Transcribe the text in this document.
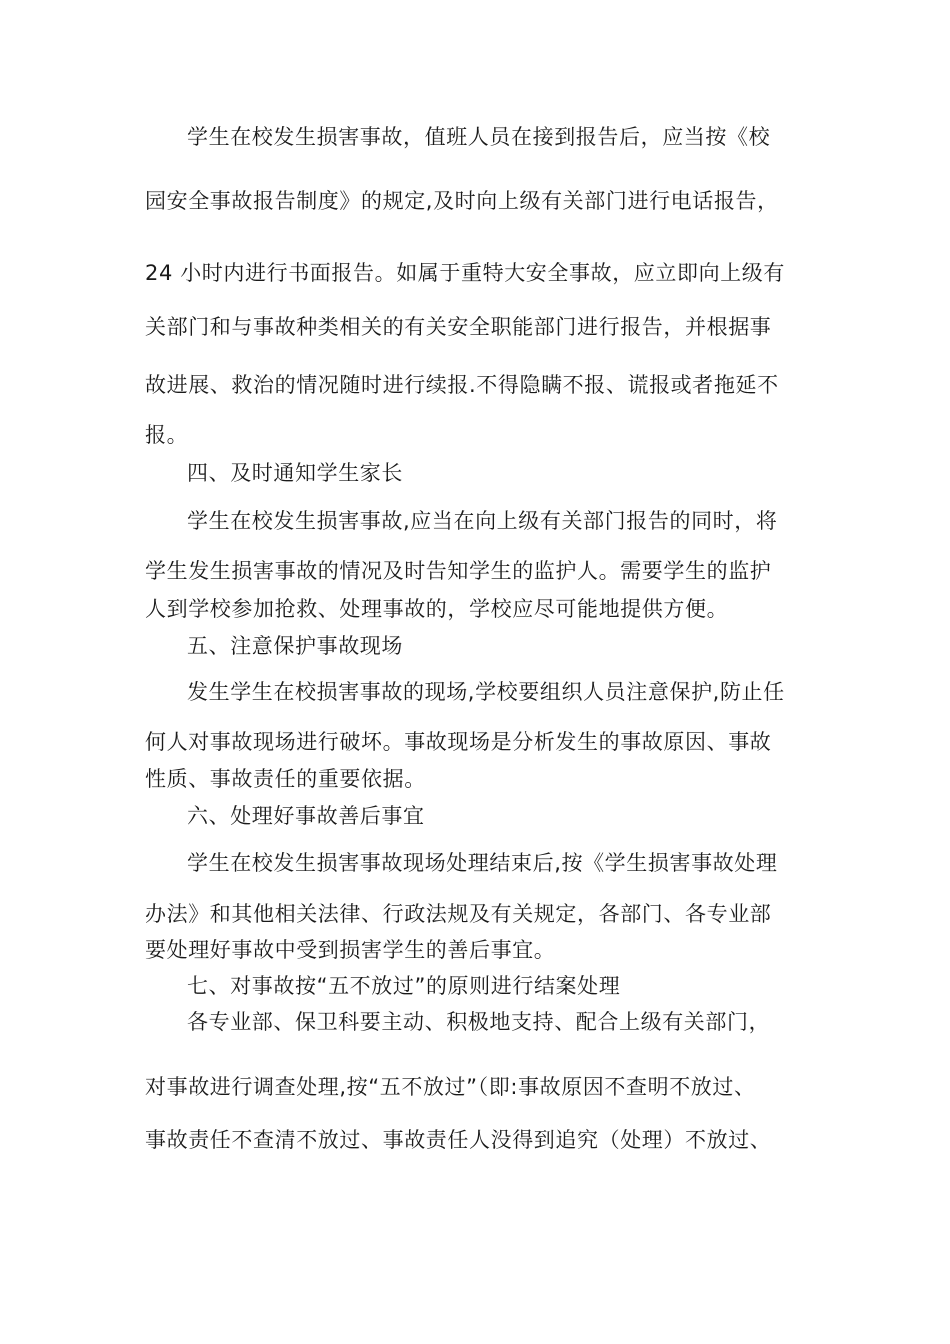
学生在校发生损害事故，值班人员在接到报告后，应当按《校
园安全事故报告制度》的规定,及时向上级有关部门进行电话报告，
24 小时内进行书面报告。如属于重特大安全事故，应立即向上级有
关部门和与事故种类相关的有关安全职能部门进行报告，并根据事
故进展、救治的情况随时进行续报.不得隐瞒不报、谎报或者拖延不
报。
四、及时通知学生家长
学生在校发生损害事故,应当在向上级有关部门报告的同时，将
学生发生损害事故的情况及时告知学生的监护人。需要学生的监护
人到学校参加抢救、处理事故的，学校应尽可能地提供方便。
五、注意保护事故现场
发生学生在校损害事故的现场,学校要组织人员注意保护,防止任
何人对事故现场进行破坏。事故现场是分析发生的事故原因、事故
性质、事故责任的重要依据。
六、处理好事故善后事宜
学生在校发生损害事故现场处理结束后,按《学生损害事故处理
办法》和其他相关法律、行政法规及有关规定，各部门、各专业部
要处理好事故中受到损害学生的善后事宜。
七、对事故按“五不放过”的原则进行结案处理
各专业部、保卫科要主动、积极地支持、配合上级有关部门，
对事故进行调查处理,按“五不放过”（即:事故原因不查明不放过、
事故责任不查清不放过、事故责任人没得到追究（处理）不放过、
